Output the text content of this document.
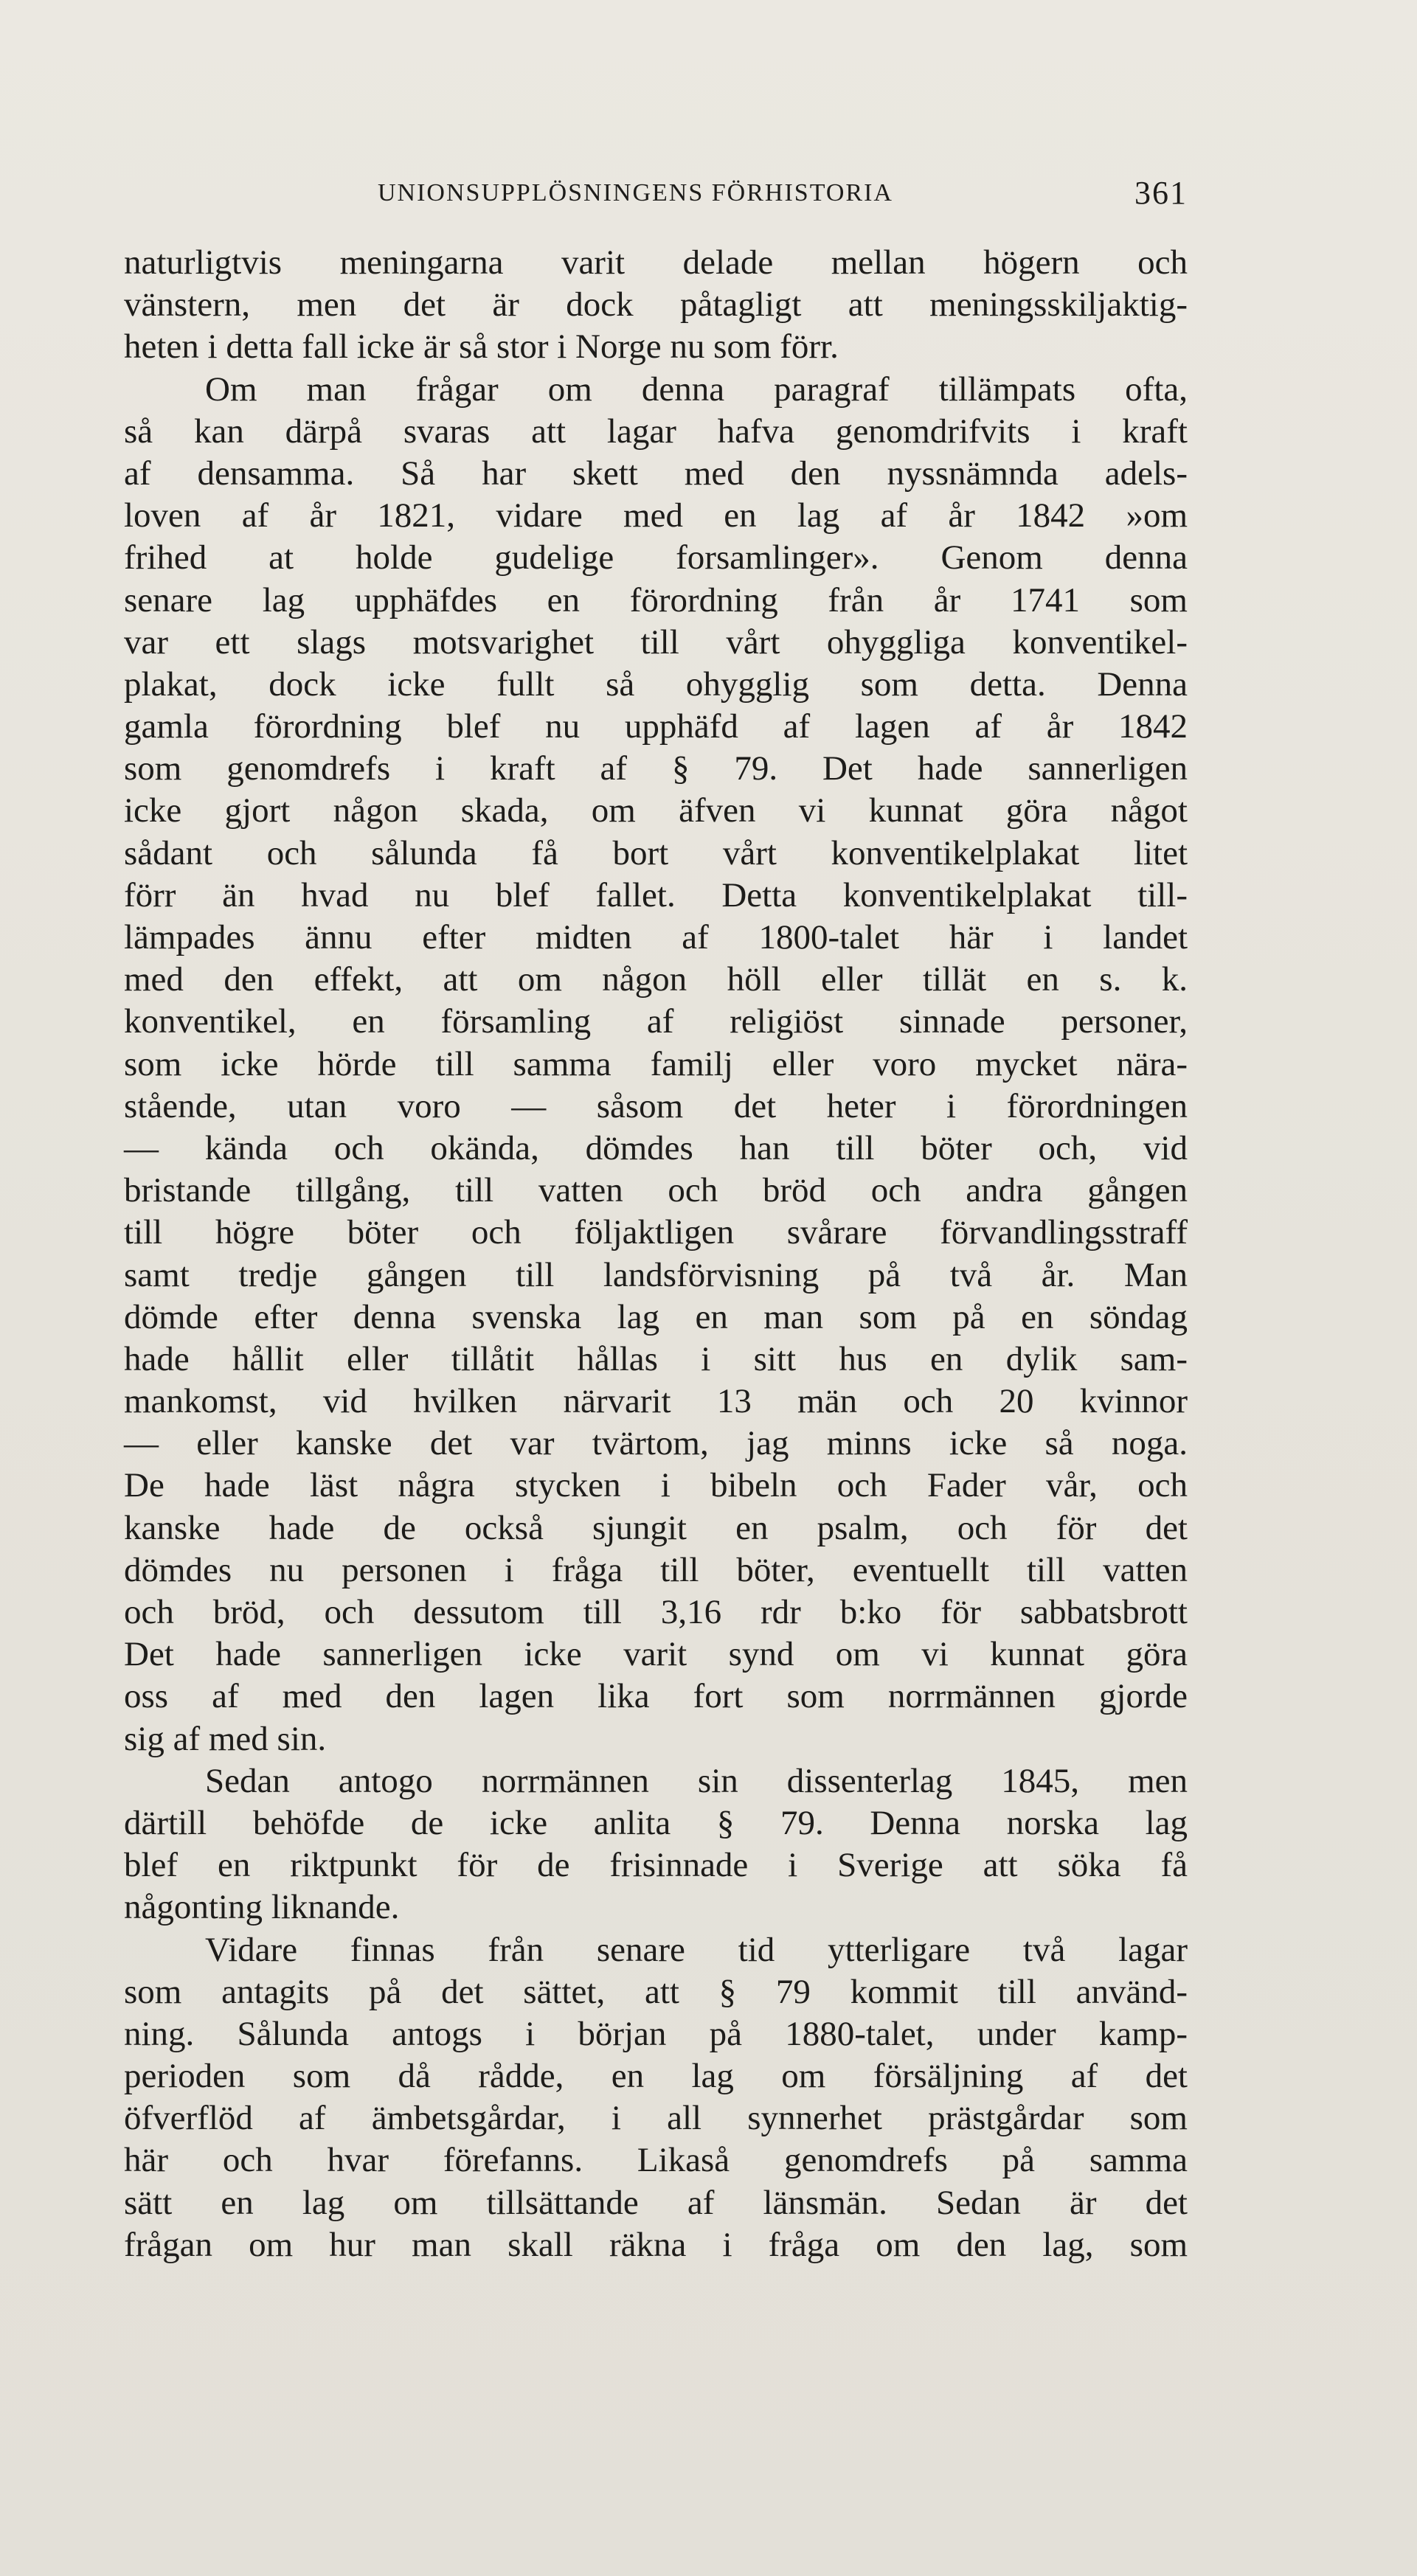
UNIONSUPPLÖSNINGENS FÖRHISTORIA	361
naturligtvis meningarna varit delade mellan högern och
vänstern, men det är dock påtagligt att meningsskiljaktig-
heten i detta fall icke är så stor i Norge nu som förr.
Om man frågar om denna paragraf tillämpats ofta,
så kan därpå svaras att lagar hafva genomdrifvits i kraft
af densamma. Så har skett med den nyssnämnda adels-
loven af år 1821, vidare med en lag af år 1842 »om
frihed at holde gudelige forsamlinger». Genom denna
senare lag upphäfdes en förordning från år 1741 som
var ett slags motsvarighet till vårt ohyggliga konventikel-
plakat, dock icke fullt så ohygglig som detta. Denna
gamla förordning blef nu upphäfd af lagen af år 1842
som genomdrefs i kraft af § 79. Det hade sannerligen
icke gjort någon skada, om äfven vi kunnat göra något
sådant och sålunda få bort vårt konventikelplakat litet
förr än hvad nu blef fallet. Detta konventikelplakat till-
lämpades ännu efter midten af 1800-talet här i landet
med den effekt, att om någon höll eller tillät en s. k.
konventikel, en församling af religiöst sinnade personer,
som icke hörde till samma familj eller voro mycket nära-
stående, utan voro — såsom det heter i förordningen
— kända och okända, dömdes han till böter och, vid
bristande tillgång, till vatten och bröd och andra gången
till högre böter och följaktligen svårare förvandlingsstraff
samt tredje gången till landsförvisning på två år. Man
dömde efter denna svenska lag en man som på en söndag
hade hållit eller tillåtit hållas i sitt hus en dylik sam-
mankomst, vid hvilken närvarit 13 män och 20 kvinnor
— eller kanske det var tvärtom, jag minns icke så noga.
De hade läst några stycken i bibeln och Fader vår, och
kanske hade de också sjungit en psalm, och för det
dömdes nu personen i fråga till böter, eventuellt till vatten
och bröd, och dessutom till 3,16 rdr b:ko för sabbatsbrott
Det hade sannerligen icke varit synd om vi kunnat göra
oss af med den lagen lika fort som norrmännen gjorde
sig af med sin.
Sedan antogo norrmännen sin dissenterlag 1845, men
därtill behöfde de icke anlita § 79. Denna norska lag
blef en riktpunkt för de frisinnade i Sverige att söka få
någonting liknande.
Vidare finnas från senare tid ytterligare två lagar
som antagits på det sättet, att § 79 kommit till använd-
ning. Sålunda antogs i början på 1880-talet, under kamp-
perioden som då rådde, en lag om försäljning af det
öfverflöd af ämbetsgårdar, i all synnerhet prästgårdar som
här och hvar förefanns. Likaså genomdrefs på samma
sätt en lag om tillsättande af länsmän. Sedan är det
frågan om hur man skall räkna i fråga om den lag, som
